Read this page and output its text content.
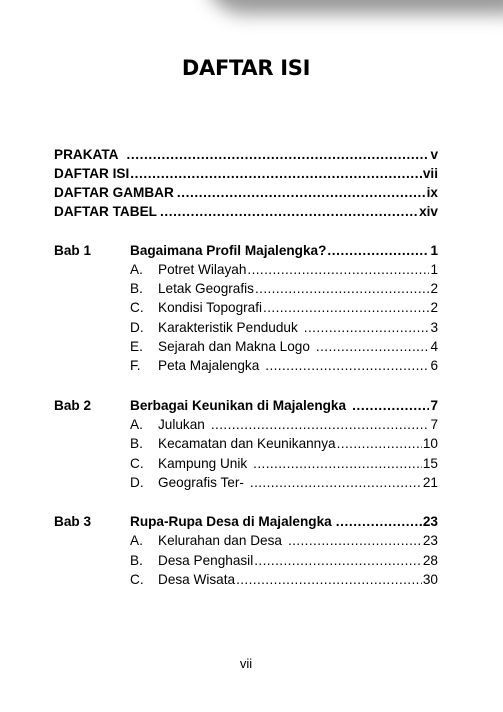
DAFTAR ISI
PRAKATA .....	v
DAFTAR ISI .....	vii
DAFTAR GAMBAR .....	ix
DAFTAR TABEL .....	xiv
Bab 1	Bagaimana Profil Majalengka? .....	1
A.	Potret Wilayah .....	1
B.	Letak Geografis .....	2
C.	Kondisi Topografi .....	2
D.	Karakteristik Penduduk .....	3
E.	Sejarah dan Makna Logo .....	4
F.	Peta Majalengka .....	6
Bab 2	Berbagai Keunikan di Majalengka .....	7
A.	Julukan .....	7
B.	Kecamatan dan Keunikannya .....	10
C.	Kampung Unik .....	15
D.	Geografis Ter- .....	21
Bab 3	Rupa-Rupa Desa di Majalengka .....	23
A.	Kelurahan dan Desa .....	23
B.	Desa Penghasil .....	28
C.	Desa Wisata .....	30
vii
